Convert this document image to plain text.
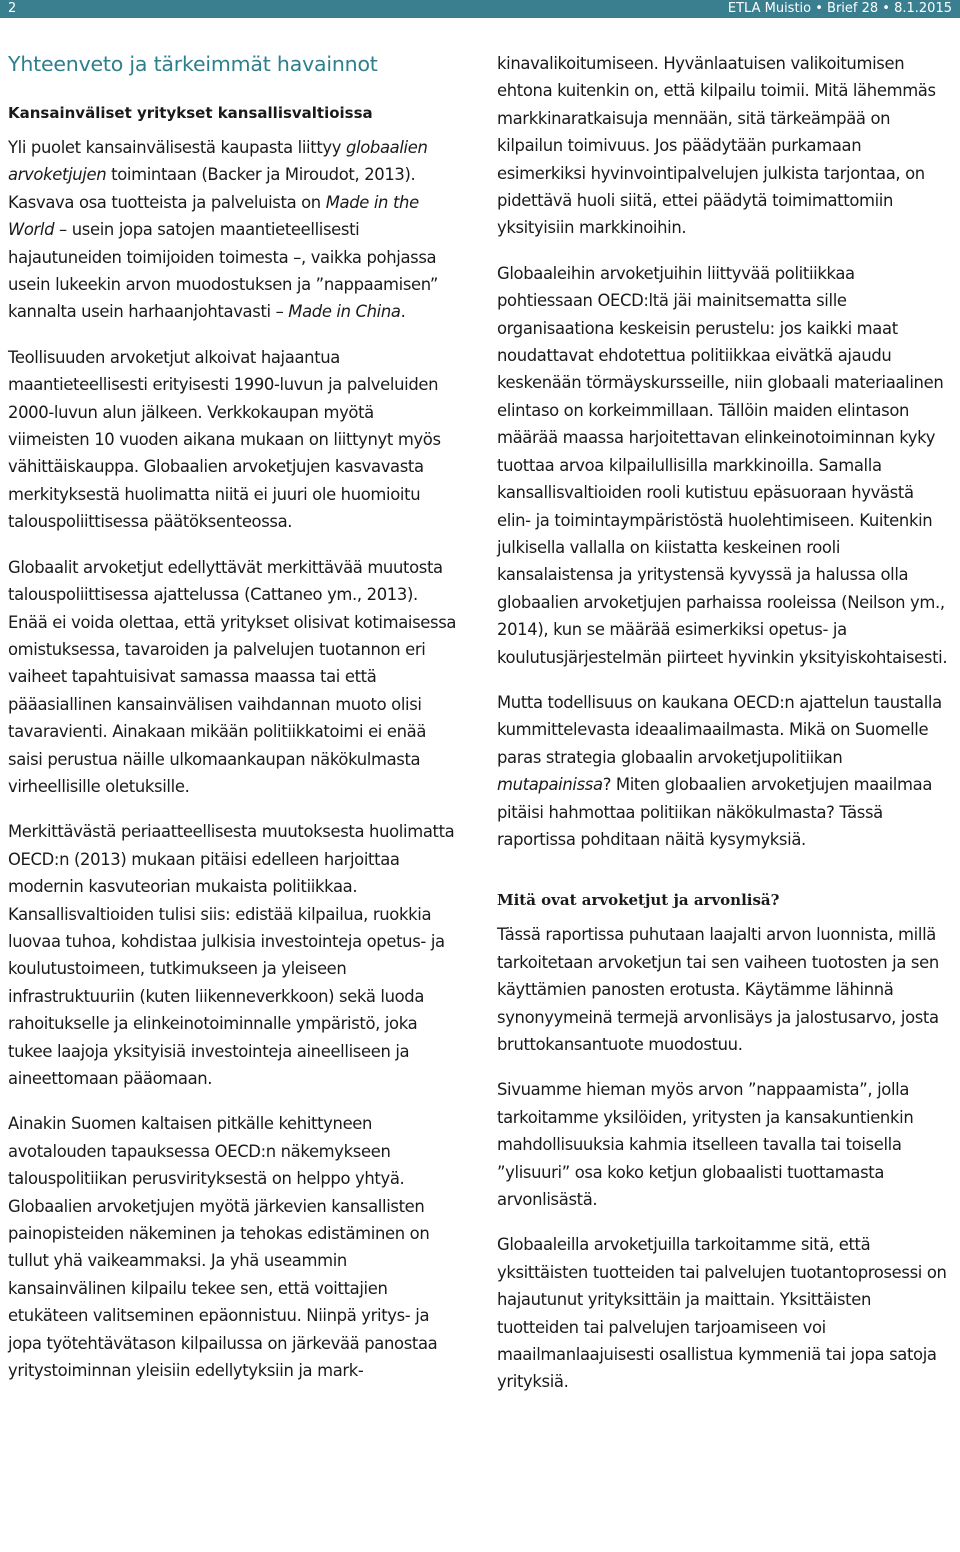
2	ETLA Muistio • Brief 28 • 8.1.2015
Yhteenveto ja tärkeimmät havainnot
Kansainväliset yritykset kansallisvaltioissa

Yli puolet kansainvälisestä kaupasta liittyy globaalien arvoketjujen toimintaan (Backer ja Miroudot, 2013). Kasvava osa tuotteista ja palveluista on Made in the World – usein jopa satojen maantieteellisesti hajautuneiden toimijoiden toimesta –, vaikka pohjassa usein lukeekin arvon muodostuksen ja ”nappaamisen” kannalta usein harhaanjohtavasti – Made in China.

Teollisuuden arvoketjut alkoivat hajaantua maantieteellisesti erityisesti 1990-luvun ja palveluiden 2000-luvun alun jälkeen. Verkkokaupan myötä viimeisten 10 vuoden aikana mukaan on liittynyt myös vähittäiskauppa. Globaalien arvoketjujen kasvavasta merkityksestä huolimatta niitä ei juuri ole huomioitu talouspoliittisessa päätöksenteossa.

Globaalit arvoketjut edellyttävät merkittävää muutosta talouspoliittisessa ajattelussa (Cattaneo ym., 2013). Enää ei voida olettaa, että yritykset olisivat kotimaisessa omistuksessa, tavaroiden ja palvelujen tuotannon eri vaiheet tapahtuisivat samassa maassa tai että pääasiallinen kansainvälisen vaihdannan muoto olisi tavaravienti. Ainakaan mikään politiikkatoimi ei enää saisi perustua näille ulkomaankaupan näkökulmasta virheellisille oletuksille.

Merkittävästä periaatteellisesta muutoksesta huolimatta OECD:n (2013) mukaan pitäisi edelleen harjoittaa modernin kasvuteorian mukaista politiikkaa. Kansallisvaltioiden tulisi siis: edistää kilpailua, ruokkia luovaa tuhoa, kohdistaa julkisia investointeja opetus- ja koulutustoimeen, tutkimukseen ja yleiseen infrastruktuuriin (kuten liikenneverkkoon) sekä luoda rahoitukselle ja elinkeinotoiminnalle ympäristö, joka tukee laajoja yksityisiä investointeja aineelliseen ja aineettomaan pääomaan.

Ainakin Suomen kaltaisen pitkälle kehittyneen avotalouden tapauksessa OECD:n näkemykseen talouspolitiikan perusvirityksestä on helppo yhtyä. Globaalien arvoketjujen myötä järkevien kansallisten painopisteiden näkeminen ja tehokas edistäminen on tullut yhä vaikeammaksi. Ja yhä useammin kansainvälinen kilpailu tekee sen, että voittajien etukäteen valitseminen epäonnistuu. Niinpä yritys- ja jopa työtehtävätason kilpailussa on järkevää panostaa yritystoiminnan yleisiin edellytyksiin ja mark-

kinavalikoitumiseen. Hyvänlaatuisen valikoitumisen ehtona kuitenkin on, että kilpailu toimii. Mitä lähemmäs markkinaratkaisuja mennään, sitä tärkeämpää on kilpailun toimivuus. Jos päädytään purkamaan esimerkiksi hyvinvointipalvelujen julkista tarjontaa, on pidettävä huoli siitä, ettei päädytä toimimattomiin yksityisiin markkinoihin.

Globaaleihin arvoketjuihin liittyvää politiikkaa pohtiessaan OECD:ltä jäi mainitsematta sille organisaationa keskeisin perustelu: jos kaikki maat noudattavat ehdotettua politiikkaa eivätkä ajaudu keskenään törmäyskursseille, niin globaali materiaalinen elintaso on korkeimmillaan. Tällöin maiden elintason määrää maassa harjoitettavan elinkeinotoiminnan kyky tuottaa arvoa kilpailullisilla markkinoilla. Samalla kansallisvaltioiden rooli kutistuu epäsuoraan hyvästä elin- ja toimintaympäristöstä huolehtimiseen. Kuitenkin julkisella vallalla on kiistatta keskeinen rooli kansalaistensa ja yritystensä kyvyssä ja halussa olla globaalien arvoketjujen parhaissa rooleissa (Neilson ym., 2014), kun se määrää esimerkiksi opetus- ja koulutusjärjestelmän piirteet hyvinkin yksityiskohtaisesti.

Mutta todellisuus on kaukana OECD:n ajattelun taustalla kummittelevasta ideaalimaailmasta. Mikä on Suomelle paras strategia globaalin arvoketjupolitiikan mutapainissa? Miten globaalien arvoketjujen maailmaa pitäisi hahmottaa politiikan näkökulmasta? Tässä raportissa pohditaan näitä kysymyksiä.

Mitä ovat arvoketjut ja arvonlisä?

Tässä raportissa puhutaan laajalti arvon luonnista, millä tarkoitetaan arvoketjun tai sen vaiheen tuotosten ja sen käyttämien panosten erotusta. Käytämme lähinnä synonyymeinä termejä arvonlisäys ja jalostusarvo, josta bruttokansantuote muodostuu.

Sivuamme hieman myös arvon ”nappaamista”, jolla tarkoitamme yksilöiden, yritysten ja kansakuntienkin mahdollisuuksia kahmia itselleen tavalla tai toisella ”ylisuuri” osa koko ketjun globaalisti tuottamasta arvonlisästä.

Globaaleilla arvoketjuilla tarkoitamme sitä, että yksittäisten tuotteiden tai palvelujen tuotantoprosessi on hajautunut yrityksittäin ja maittain. Yksittäisten tuotteiden tai palvelujen tarjoamiseen voi maailmanlaajuisesti osallistua kymmeniä tai jopa satoja yrityksiä.
